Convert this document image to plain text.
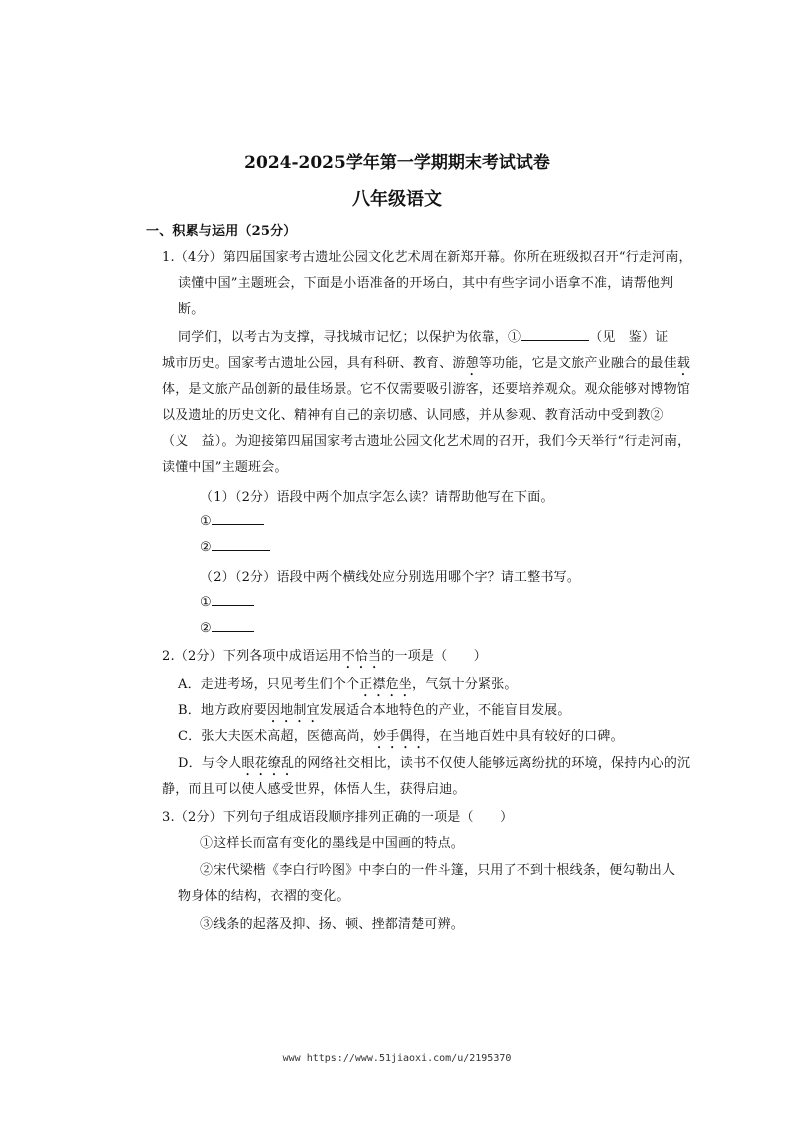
2024-2025学年第一学期期末考试试卷
八年级语文
一、积累与运用（25分）
1.（4分）第四届国家考古遗址公园文化艺术周在新郑开幕。你所在班级拟召开“行走河南，
读懂中国”主题班会，下面是小语准备的开场白，其中有些字词小语拿不准，请帮他判
断。
同学们，以考古为支撑，寻找城市记忆；以保护为依靠，①	（见　鉴）证
城市历史。国家考古遗址公园，具有科研、教育、游憩等功能，它是文旅产业融合的最佳载
体，是文旅产品创新的最佳场景。它不仅需要吸引游客，还要培养观众。观众能够对博物馆
以及遗址的历史文化、精神有自己的亲切感、认同感，并从参观、教育活动中受到教②
（义　益）。为迎接第四届国家考古遗址公园文化艺术周的召开，我们今天举行“行走河南，
读懂中国”主题班会。
（1）（2分）语段中两个加点字怎么读？请帮助他写在下面。
①
②
（2）（2分）语段中两个横线处应分别选用哪个字？请工整书写。
①
②
2.（2分）下列各项中成语运用不恰当的一项是（　　）
A．走进考场，只见考生们个个正襟危坐，气氛十分紧张。
B．地方政府要因地制宜发展适合本地特色的产业，不能盲目发展。
C．张大夫医术高超，医德高尚，妙手偶得，在当地百姓中具有较好的口碑。
D．与令人眼花缭乱的网络社交相比，读书不仅使人能够远离纷扰的环境，保持内心的沉
静，而且可以使人感受世界，体悟人生，获得启迪。
3.（2分）下列句子组成语段顺序排列正确的一项是（　　）
①这样长而富有变化的墨线是中国画的特点。
②宋代梁楷《李白行吟图》中李白的一件斗篷，只用了不到十根线条，便勾勒出人
物身体的结构，衣褶的变化。
③线条的起落及抑、扬、顿、挫都清楚可辨。
www https://www.51jiaoxi.com/u/2195370
